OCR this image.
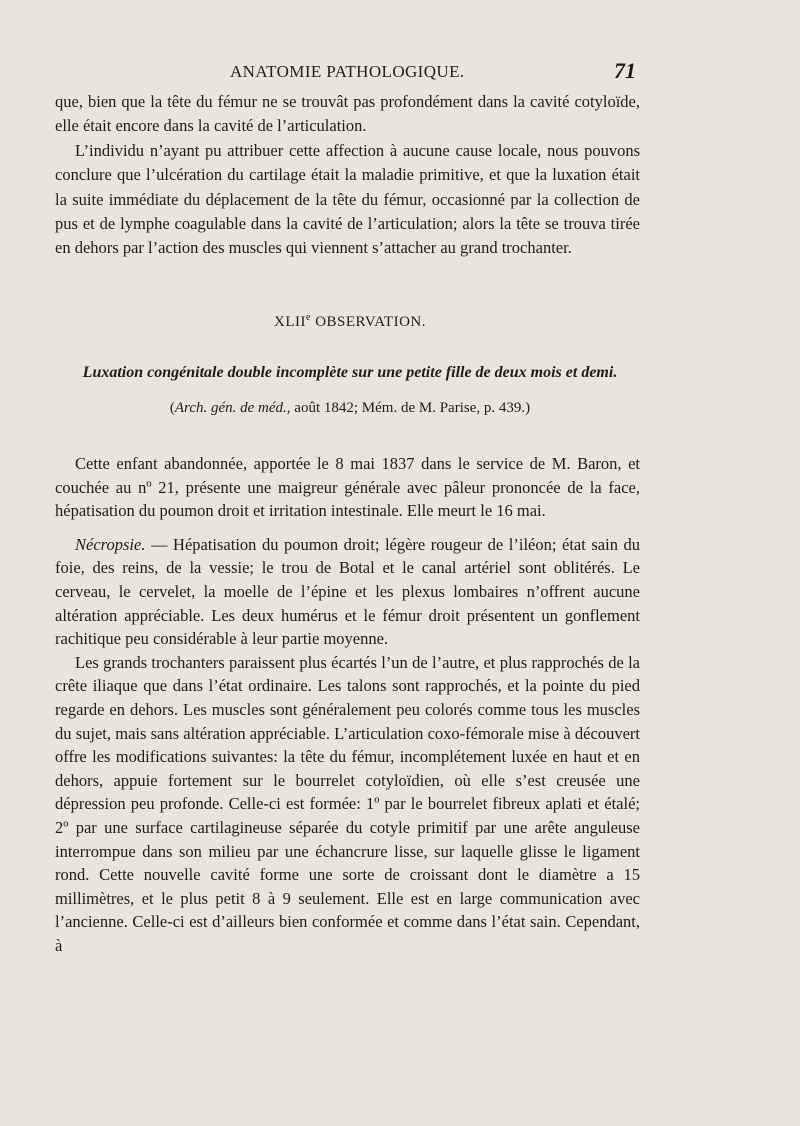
ANATOMIE PATHOLOGIQUE.	71

que, bien que la tête du fémur ne se trouvât pas profondément dans la cavité cotyloïde, elle était encore dans la cavité de l’articulation.

L’individu n’ayant pu attribuer cette affection à aucune cause locale, nous pouvons conclure que l’ulcération du cartilage était la maladie primitive, et que la luxation était la suite immédiate du déplacement de la tête du fémur, occasionné par la collection de pus et de lymphe coagulable dans la cavité de l’articulation; alors la tête se trouva tirée en dehors par l’action des muscles qui viennent s’attacher au grand trochanter.

XLIIe OBSERVATION.
Luxation congénitale double incomplète sur une petite fille de deux mois et demi.
(Arch. gén. de méd., août 1842; Mém. de M. Parise, p. 439.)

Cette enfant abandonnée, apportée le 8 mai 1837 dans le service de M. Baron, et couchée au nº 21, présente une maigreur générale avec pâleur prononcée de la face, hépatisation du poumon droit et irritation intestinale. Elle meurt le 16 mai.

Nécropsie. — Hépatisation du poumon droit; légère rougeur de l’iléon; état sain du foie, des reins, de la vessie; le trou de Botal et le canal artériel sont oblitérés. Le cerveau, le cervelet, la moelle de l’épine et les plexus lombaires n’offrent aucune altération appréciable. Les deux humérus et le fémur droit présentent un gonflement rachitique peu considérable à leur partie moyenne.

Les grands trochanters paraissent plus écartés l’un de l’autre, et plus rapprochés de la crête iliaque que dans l’état ordinaire. Les talons sont rapprochés, et la pointe du pied regarde en dehors. Les muscles sont généralement peu colorés comme tous les muscles du sujet, mais sans altération appréciable. L’articulation coxo-fémorale mise à découvert offre les modifications suivantes: la tête du fémur, incomplétement luxée en haut et en dehors, appuie fortement sur le bourrelet cotyloïdien, où elle s’est creusée une dépression peu profonde. Celle-ci est formée: 1º par le bourrelet fibreux aplati et étalé; 2º par une surface cartilagineuse séparée du cotyle primitif par une arête anguleuse interrompue dans son milieu par une échancrure lisse, sur laquelle glisse le ligament rond. Cette nouvelle cavité forme une sorte de croissant dont le diamètre a 15 millimètres, et le plus petit 8 à 9 seulement. Elle est en large communication avec l’ancienne. Celle-ci est d’ailleurs bien conformée et comme dans l’état sain. Cependant, à
